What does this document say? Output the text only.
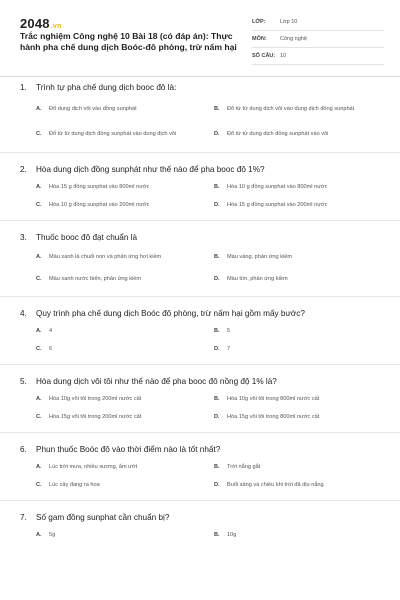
2048.vn
Trắc nghiệm Công nghệ 10 Bài 18 (có đáp án): Thực hành pha chế dung dịch Boóc-đô phòng, trừ nấm hại
LỚP:	Lớp 10
MÔN:	Công nghệ
SỐ CÂU: 10
1.	Trình tự pha chế dung dịch booc đô là:
A.	Đổ dung dịch vôi vào đồng sunphát	B.	Đổ từ từ dung dịch vôi vào dung dịch đồng sunphát
C.	Đổ từ từ dung dịch đồng sunphát vào dung dịch vôi	D.	Đổ từ từ dung dịch đồng sunphát vào vôi
2.	Hòa dung dịch đồng sunphát như thế nào để pha booc đô 1%?
A.	Hòa 15 g đồng sunphat vào 800ml nước	B.	Hòa 10 g đồng sunphat vào 800ml nước
C.	Hòa 10 g đồng sunphat vào 200ml nước	D.	Hòa 15 g đồng sunphat vào 200ml nước
3.	Thuốc booc đô đạt chuẩn là
A.	Màu xanh lá chuối non và phản ứng hơi kiềm	B.	Màu vàng, phản ứng kiềm
C.	Màu xanh nước biển, phản ứng kiềm	D.	Màu tím, phản ứng kiềm
4.	Quy trình pha chế dung dịch Boóc đô phòng, trừ nấm hại gồm mấy bước?
A.	4	B.	5
C.	6	D.	7
5.	Hòa dung dịch vôi tôi như thế nào để pha booc đô nồng độ 1% là?
A.	Hòa 10g vôi tôi trong 200ml nước cất	B.	Hòa 10g vôi tôi trong 800ml nước cất
C.	Hòa 15g vôi tôi trong 200ml nước cất	D.	Hòa 15g vôi tôi trong 800ml nước cất
6.	Phun thuốc Boóc đô vào thời điểm nào là tốt nhất?
A.	Lúc trời mưa, nhiều sương, ẩm ướt	B.	Trời nắng gắt
C.	Lúc cây đang ra hoa	D.	Buổi sáng và chiều khi trời đã dịu nắng
7.	Số gam đồng sunphat cần chuẩn bị?
A.	5g	B.	10g
